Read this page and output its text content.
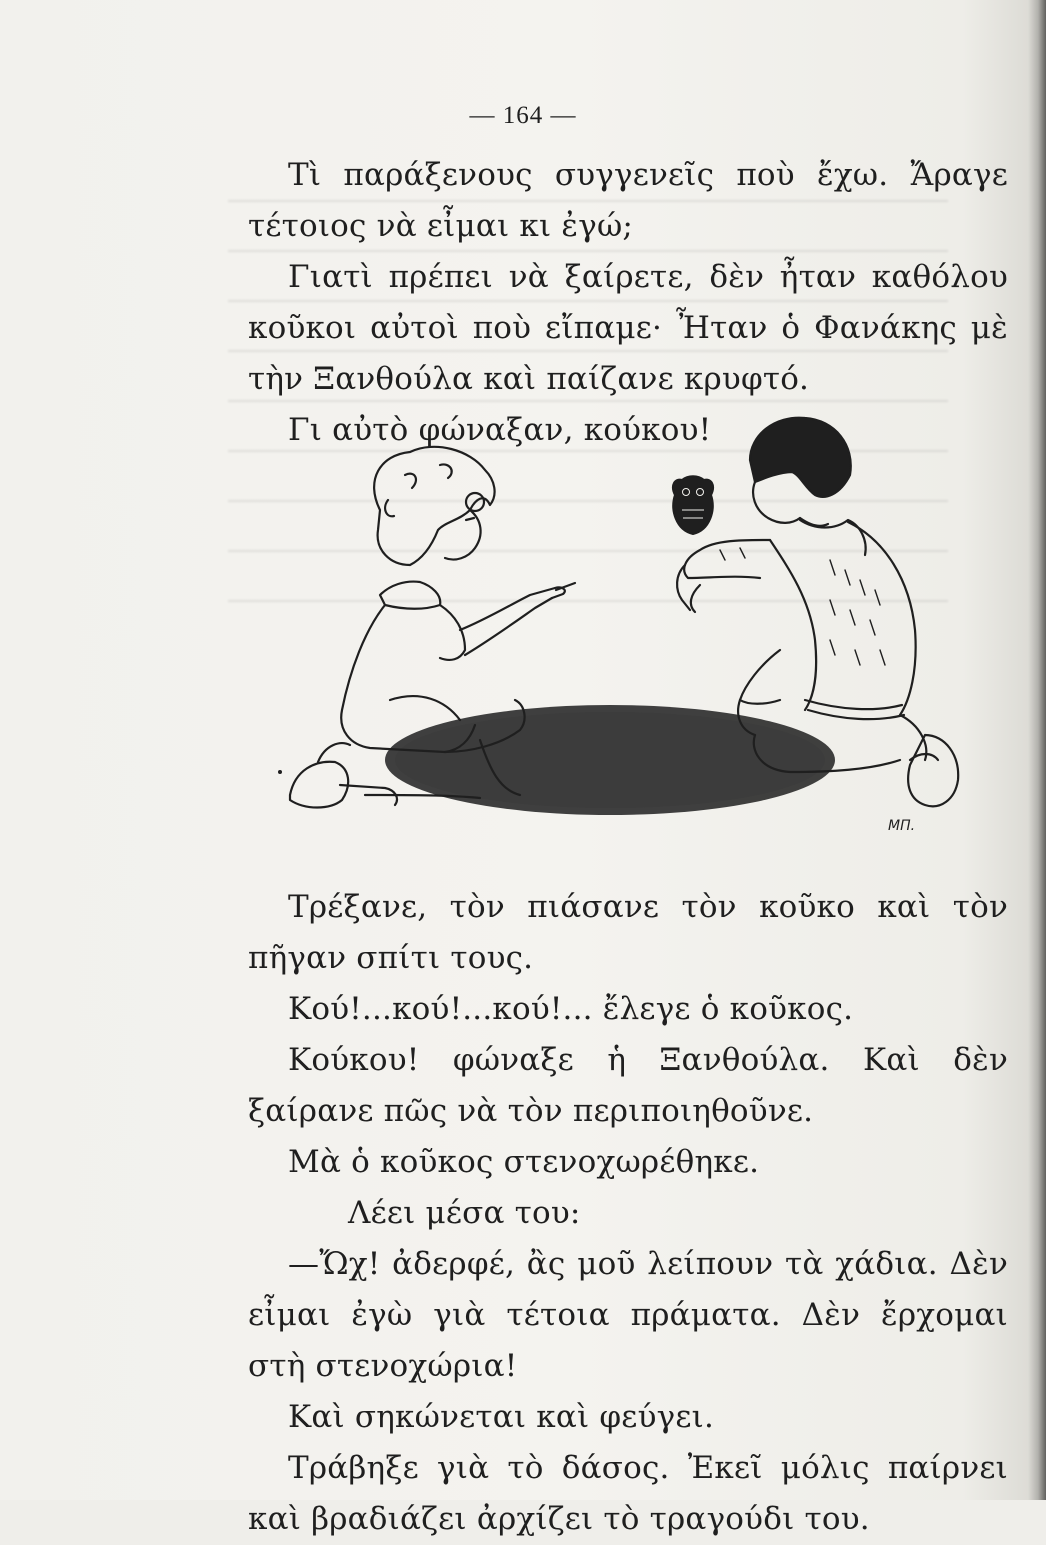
— 164 —

Τὶ παράξενους συγγενεῖς ποὺ ἔχω. Ἄραγε τέτοιος νὰ εἶμαι κι ἐγώ;

Γιατὶ πρέπει νὰ ξαίρετε, δὲν ἦταν καθόλου κοῦκοι αὐτοὶ ποὺ εἴπαμε· Ἦταν ὁ Φανάκης μὲ τὴν Ξανθούλα καὶ παίζανε κρυφτό.

Γι αὐτὸ φώναξαν, κούκου!

ΜΠ.

Τρέξανε, τὸν πιάσανε τὸν κοῦκο καὶ τὸν πῆγαν σπίτι τους.

Κού!...κού!...κού!... ἔλεγε ὁ κοῦκος.

Κούκου! φώναξε ἡ Ξανθούλα. Καὶ δὲν ξαίρανε πῶς νὰ τὸν περιποιηθοῦνε.

Μὰ ὁ κοῦκος στενοχωρέθηκε.

Λέει μέσα του:

—Ὤχ! ἀδερφέ, ἂς μοῦ λείπουν τὰ χάδια. Δὲν εἶμαι ἐγὼ γιὰ τέτοια πράματα. Δὲν ἔρχομαι στὴ στενοχώρια!

Καὶ σηκώνεται καὶ φεύγει.

Τράβηξε γιὰ τὸ δάσος. Ἐκεῖ μόλις παίρνει καὶ βραδιάζει ἀρχίζει τὸ τραγούδι του.
